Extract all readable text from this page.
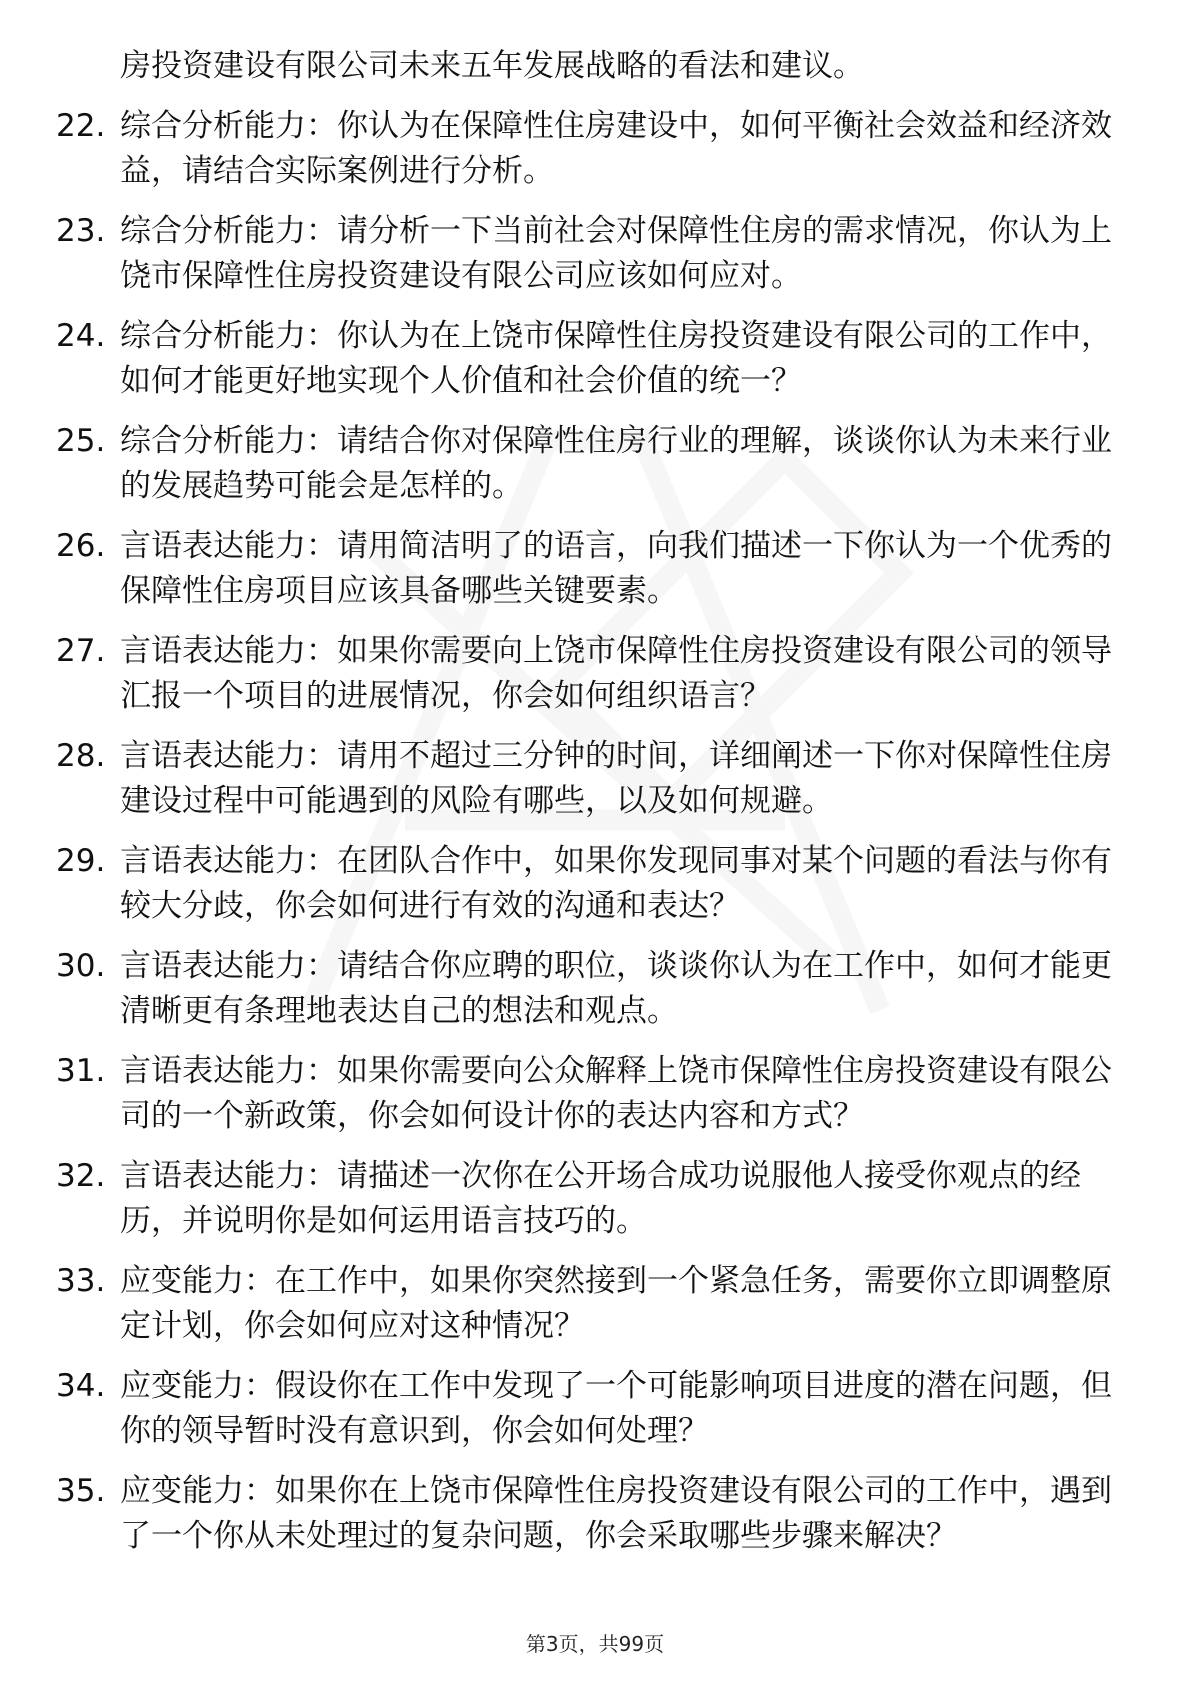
房投资建设有限公司未来五年发展战略的看法和建议。
22. 综合分析能力：你认为在保障性住房建设中，如何平衡社会效益和经济效益，请结合实际案例进行分析。
23. 综合分析能力：请分析一下当前社会对保障性住房的需求情况，你认为上饶市保障性住房投资建设有限公司应该如何应对。
24. 综合分析能力：你认为在上饶市保障性住房投资建设有限公司的工作中，如何才能更好地实现个人价值和社会价值的统一？
25. 综合分析能力：请结合你对保障性住房行业的理解，谈谈你认为未来行业的发展趋势可能会是怎样的。
26. 言语表达能力：请用简洁明了的语言，向我们描述一下你认为一个优秀的保障性住房项目应该具备哪些关键要素。
27. 言语表达能力：如果你需要向上饶市保障性住房投资建设有限公司的领导汇报一个项目的进展情况，你会如何组织语言？
28. 言语表达能力：请用不超过三分钟的时间，详细阐述一下你对保障性住房建设过程中可能遇到的风险有哪些，以及如何规避。
29. 言语表达能力：在团队合作中，如果你发现同事对某个问题的看法与你有较大分歧，你会如何进行有效的沟通和表达？
30. 言语表达能力：请结合你应聘的职位，谈谈你认为在工作中，如何才能更清晰更有条理地表达自己的想法和观点。
31. 言语表达能力：如果你需要向公众解释上饶市保障性住房投资建设有限公司的一个新政策，你会如何设计你的表达内容和方式？
32. 言语表达能力：请描述一次你在公开场合成功说服他人接受你观点的经历，并说明你是如何运用语言技巧的。
33. 应变能力：在工作中，如果你突然接到一个紧急任务，需要你立即调整原定计划，你会如何应对这种情况？
34. 应变能力：假设你在工作中发现了一个可能影响项目进度的潜在问题，但你的领导暂时没有意识到，你会如何处理？
35. 应变能力：如果你在上饶市保障性住房投资建设有限公司的工作中，遇到了一个你从未处理过的复杂问题，你会采取哪些步骤来解决？
第3页，共99页
